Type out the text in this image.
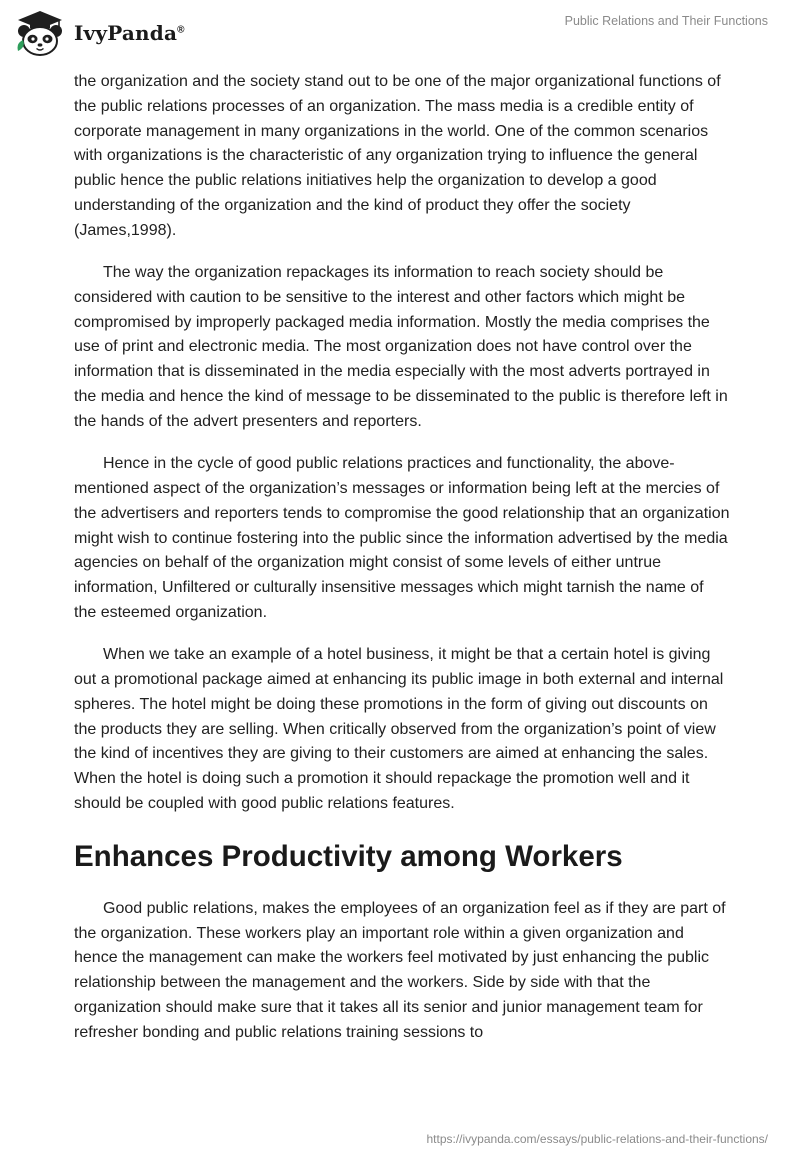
IvyPanda®
Public Relations and Their Functions

the organization and the society stand out to be one of the major organizational functions of the public relations processes of an organization. The mass media is a credible entity of corporate management in many organizations in the world. One of the common scenarios with organizations is the characteristic of any organization trying to influence the general public hence the public relations initiatives help the organization to develop a good understanding of the organization and the kind of product they offer the society (James,1998).

The way the organization repackages its information to reach society should be considered with caution to be sensitive to the interest and other factors which might be compromised by improperly packaged media information. Mostly the media comprises the use of print and electronic media. The most organization does not have control over the information that is disseminated in the media especially with the most adverts portrayed in the media and hence the kind of message to be disseminated to the public is therefore left in the hands of the advert presenters and reporters.

Hence in the cycle of good public relations practices and functionality, the above-mentioned aspect of the organization’s messages or information being left at the mercies of the advertisers and reporters tends to compromise the good relationship that an organization might wish to continue fostering into the public since the information advertised by the media agencies on behalf of the organization might consist of some levels of either untrue information, Unfiltered or culturally insensitive messages which might tarnish the name of the esteemed organization.

When we take an example of a hotel business, it might be that a certain hotel is giving out a promotional package aimed at enhancing its public image in both external and internal spheres. The hotel might be doing these promotions in the form of giving out discounts on the products they are selling. When critically observed from the organization’s point of view the kind of incentives they are giving to their customers are aimed at enhancing the sales. When the hotel is doing such a promotion it should repackage the promotion well and it should be coupled with good public relations features.

Enhances Productivity among Workers

Good public relations, makes the employees of an organization feel as if they are part of the organization. These workers play an important role within a given organization and hence the management can make the workers feel motivated by just enhancing the public relationship between the management and the workers. Side by side with that the organization should make sure that it takes all its senior and junior management team for refresher bonding and public relations training sessions to

https://ivypanda.com/essays/public-relations-and-their-functions/
